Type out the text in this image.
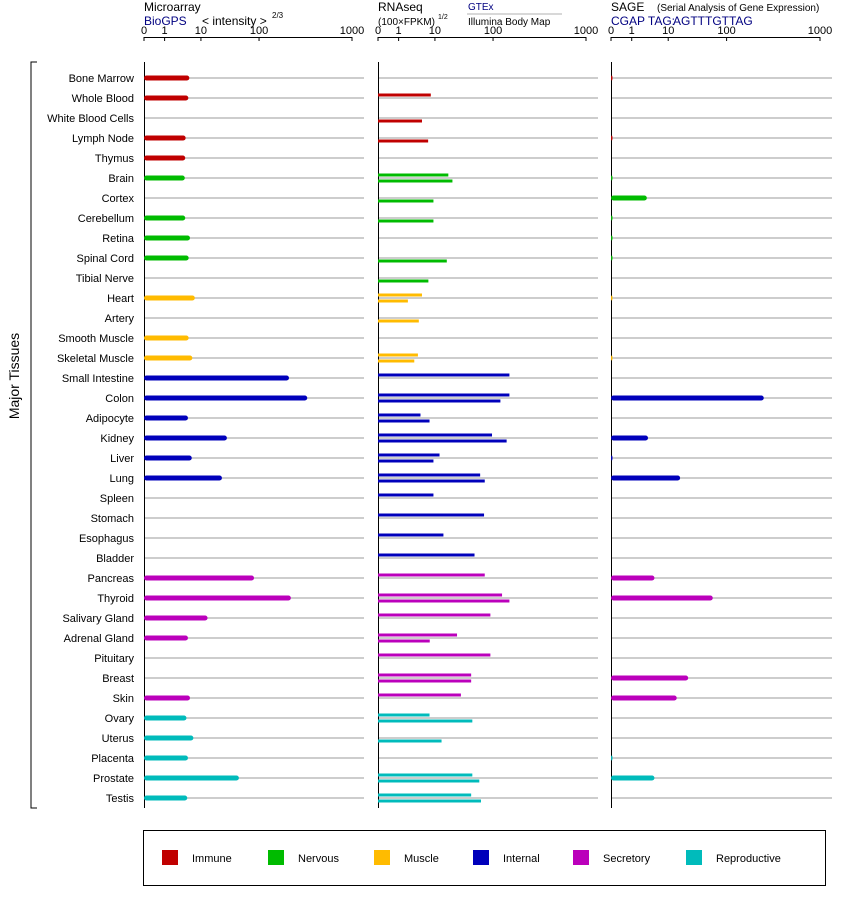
0 1 10	100	1000
Microarray
BioGPS < intensity > 2/3
0 1 10	100	1000
RNAseq
(100×FPKM) 1/2
GTEx
Illumina Body Map
0 1 10	100	1000
SAGE (Serial Analysis of Gene Expression)
CGAP TAG:
AGTTTGTTAG
Bone Marrow
Whole Blood
White Blood Cells
Lymph Node
Thymus
Brain
Cortex
Cerebellum
Retina
Spinal Cord
Tibial Nerve
Heart
Artery
Smooth Muscle
Skeletal Muscle
Small Intestine
Colon
Adipocyte
Kidney
Liver
Lung
Spleen
Stomach
Esophagus
Bladder
Pancreas
Thyroid
Salivary Gland
Adrenal Gland
Pituitary
Breast
Skin
Ovary
Uterus
Placenta
Prostate
Testis
Major Tissues
Immune	Nervous	Muscle	Internal	Secretory	Reproductive
